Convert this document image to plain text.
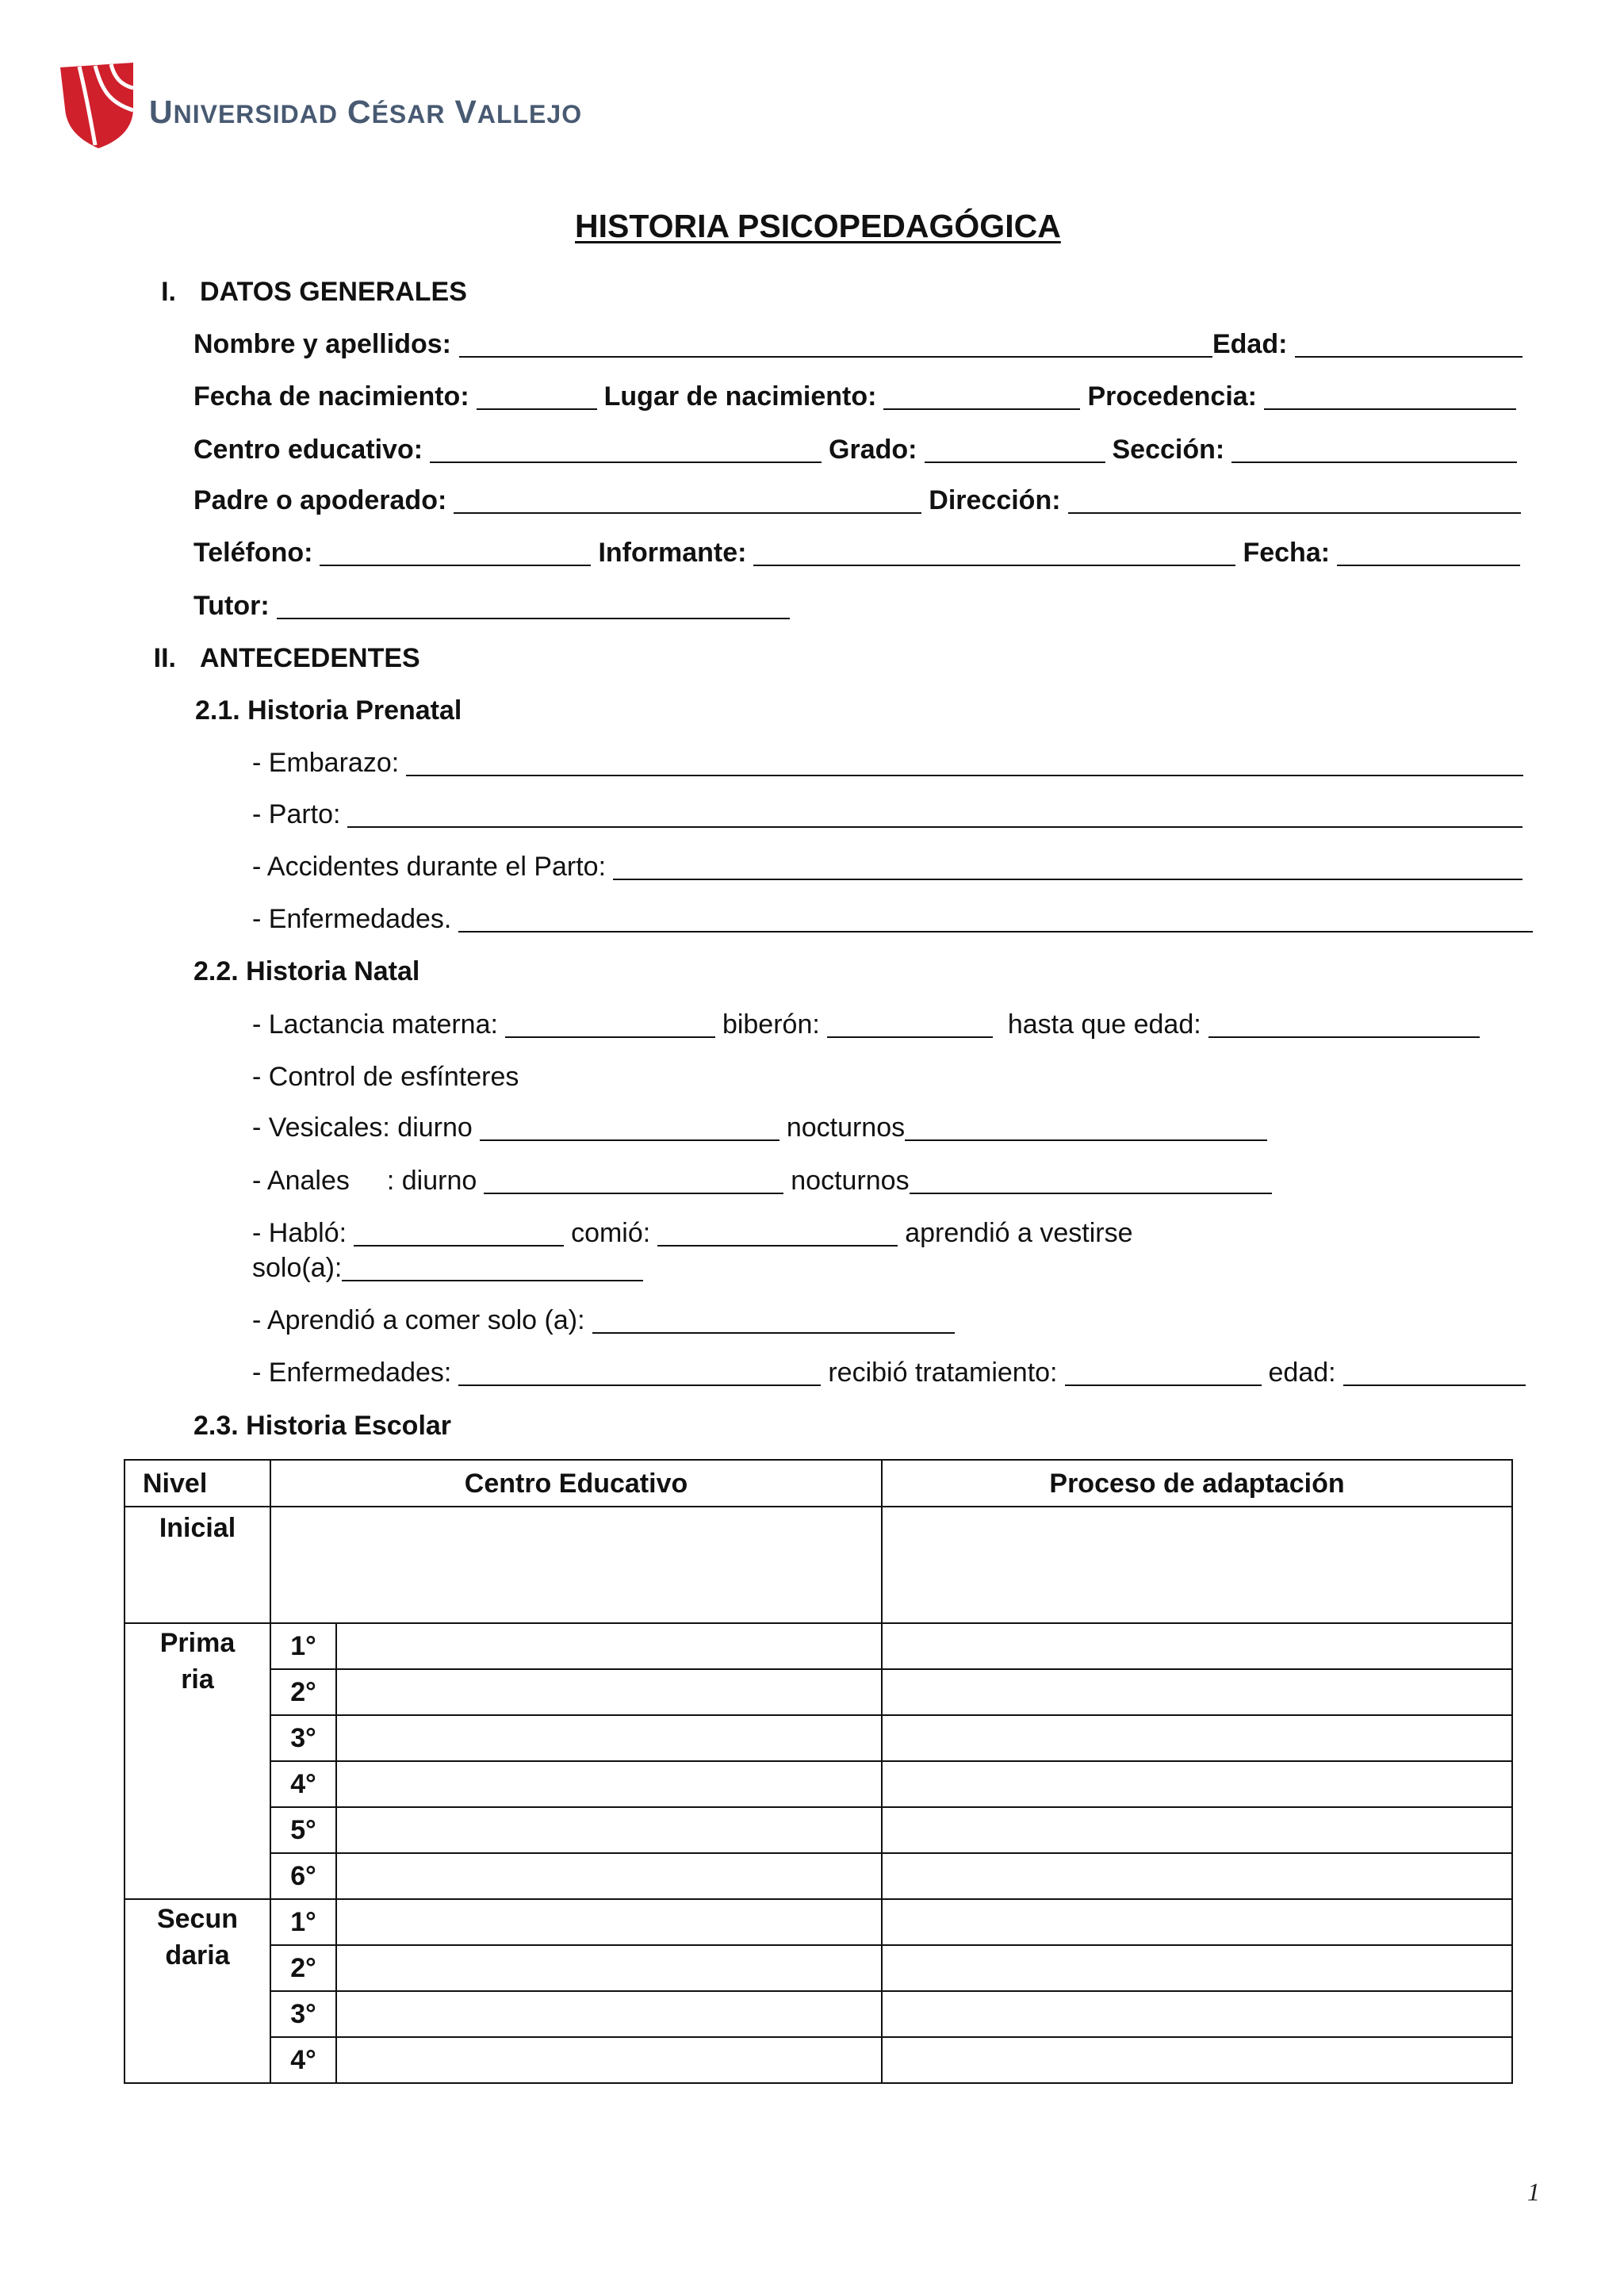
UNIVERSIDAD CÉSAR VALLEJO
HISTORIA PSICOPEDAGÓGICA
I. DATOS GENERALES
Nombre y apellidos:	Edad:
Fecha de nacimiento:	Lugar de nacimiento:	Procedencia:
Centro educativo:	Grado:	Sección:
Padre o apoderado:	Dirección:
Teléfono:	Informante:	Fecha:
Tutor:
II. ANTECEDENTES
2.1. Historia Prenatal
- Embarazo:
- Parto:
- Accidentes durante el Parto:
- Enfermedades.
2.2. Historia Natal
- Lactancia materna:	biberón:	hasta que edad:
- Control de esfínteres
- Vesicales: diurno	nocturnos
- Anales : diurno	nocturnos
- Habló:	comió:	aprendió a vestirse
solo(a):
- Aprendió a comer solo (a):
- Enfermedades:	recibió tratamiento:	edad:
2.3. Historia Escolar
Nivel	Centro Educativo		Proceso de adaptación
Inicial			

Primaria	1°		
	2°		
	3°		
	4°		
	5°		
	6°		

Secundaria	1°		
	2°		
	3°		
	4°		
1
